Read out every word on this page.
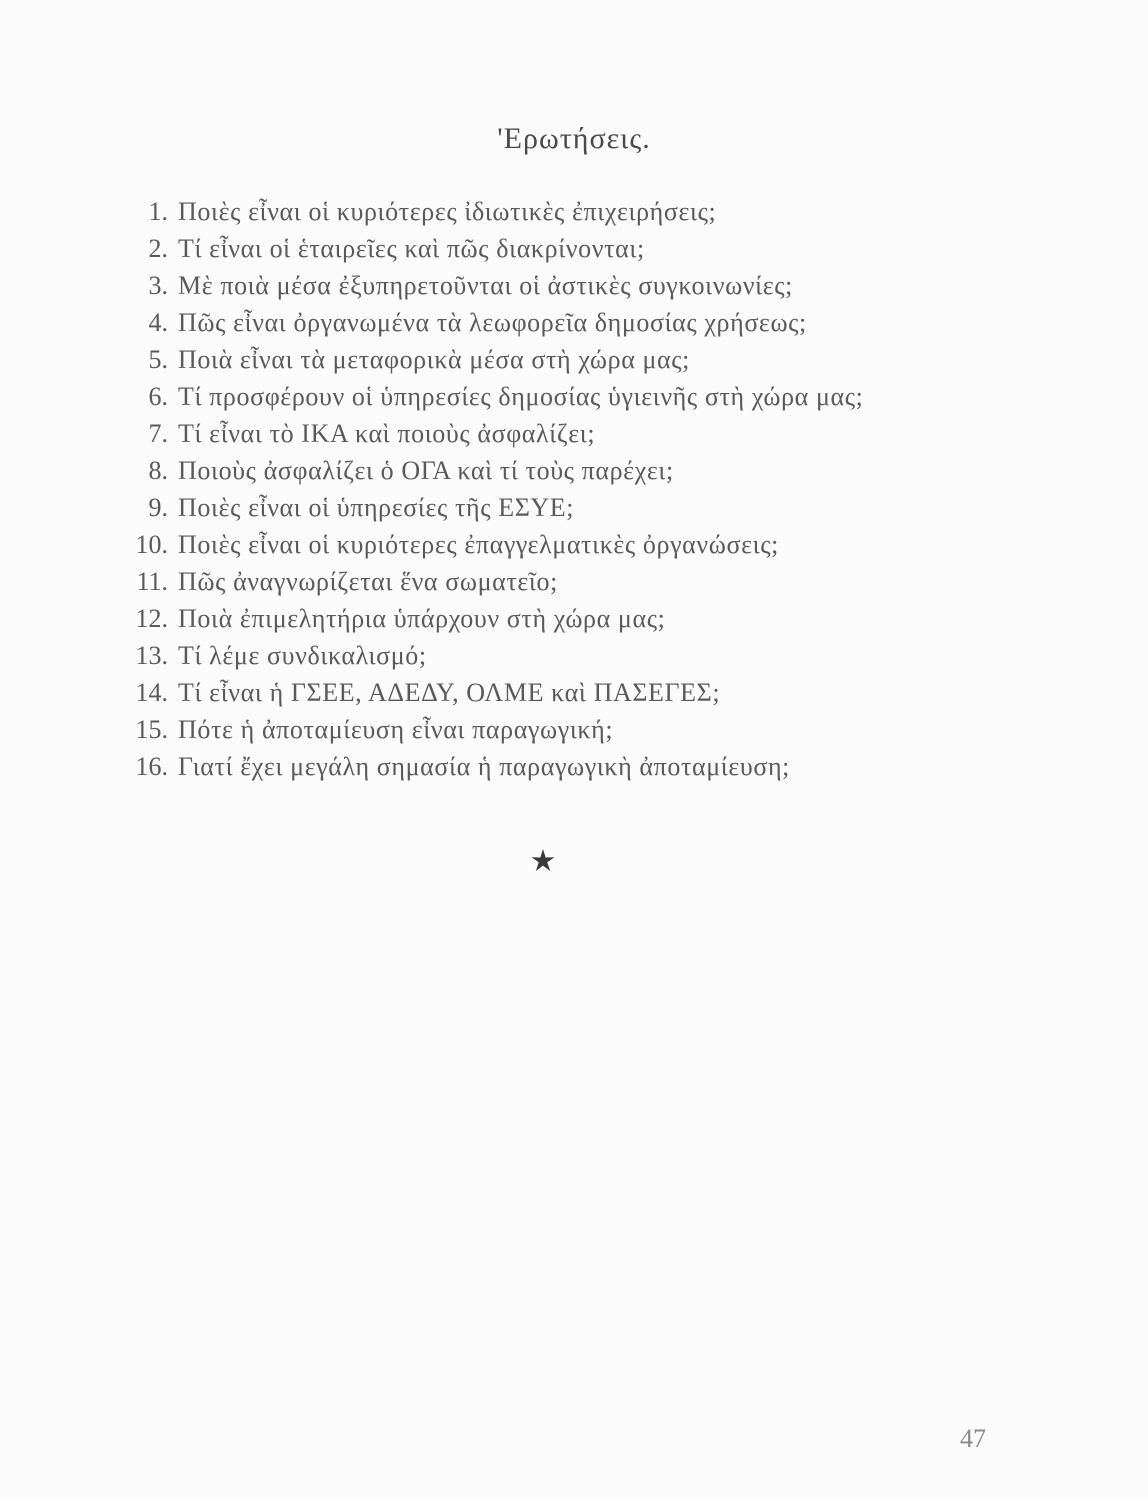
'Ερωτήσεις.
1. Ποιὲς εἶναι οἱ κυριότερες ἰδιωτικὲς ἐπιχειρήσεις;
2. Τί εἶναι οἱ ἑταιρεῖες καὶ πῶς διακρίνονται;
3. Μὲ ποιὰ μέσα ἐξυπηρετοῦνται οἱ ἀστικὲς συγκοινωνίες;
4. Πῶς εἶναι ὀργανωμένα τὰ λεωφορεῖα δημοσίας χρήσεως;
5. Ποιὰ εἶναι τὰ μεταφορικὰ μέσα στὴ χώρα μας;
6. Τί προσφέρουν οἱ ὑπηρεσίες δημοσίας ὑγιεινῆς στὴ χώρα μας;
7. Τί εἶναι τὸ ΙΚΑ καὶ ποιοὺς ἀσφαλίζει;
8. Ποιοὺς ἀσφαλίζει ὁ ΟΓΑ καὶ τί τοὺς παρέχει;
9. Ποιὲς εἶναι οἱ ὑπηρεσίες τῆς ΕΣΥΕ;
10. Ποιὲς εἶναι οἱ κυριότερες ἐπαγγελματικὲς ὀργανώσεις;
11. Πῶς ἀναγνωρίζεται ἕνα σωματεῖο;
12. Ποιὰ ἐπιμελητήρια ὑπάρχουν στὴ χώρα μας;
13. Τί λέμε συνδικαλισμό;
14. Τί εἶναι ἡ ΓΣΕΕ, ΑΔΕΔΥ, ΟΛΜΕ καὶ ΠΑΣΕΓΕΣ;
15. Πότε ἡ ἀποταμίευση εἶναι παραγωγική;
16. Γιατί ἔχει μεγάλη σημασία ἡ παραγωγικὴ ἀποταμίευση;
47
